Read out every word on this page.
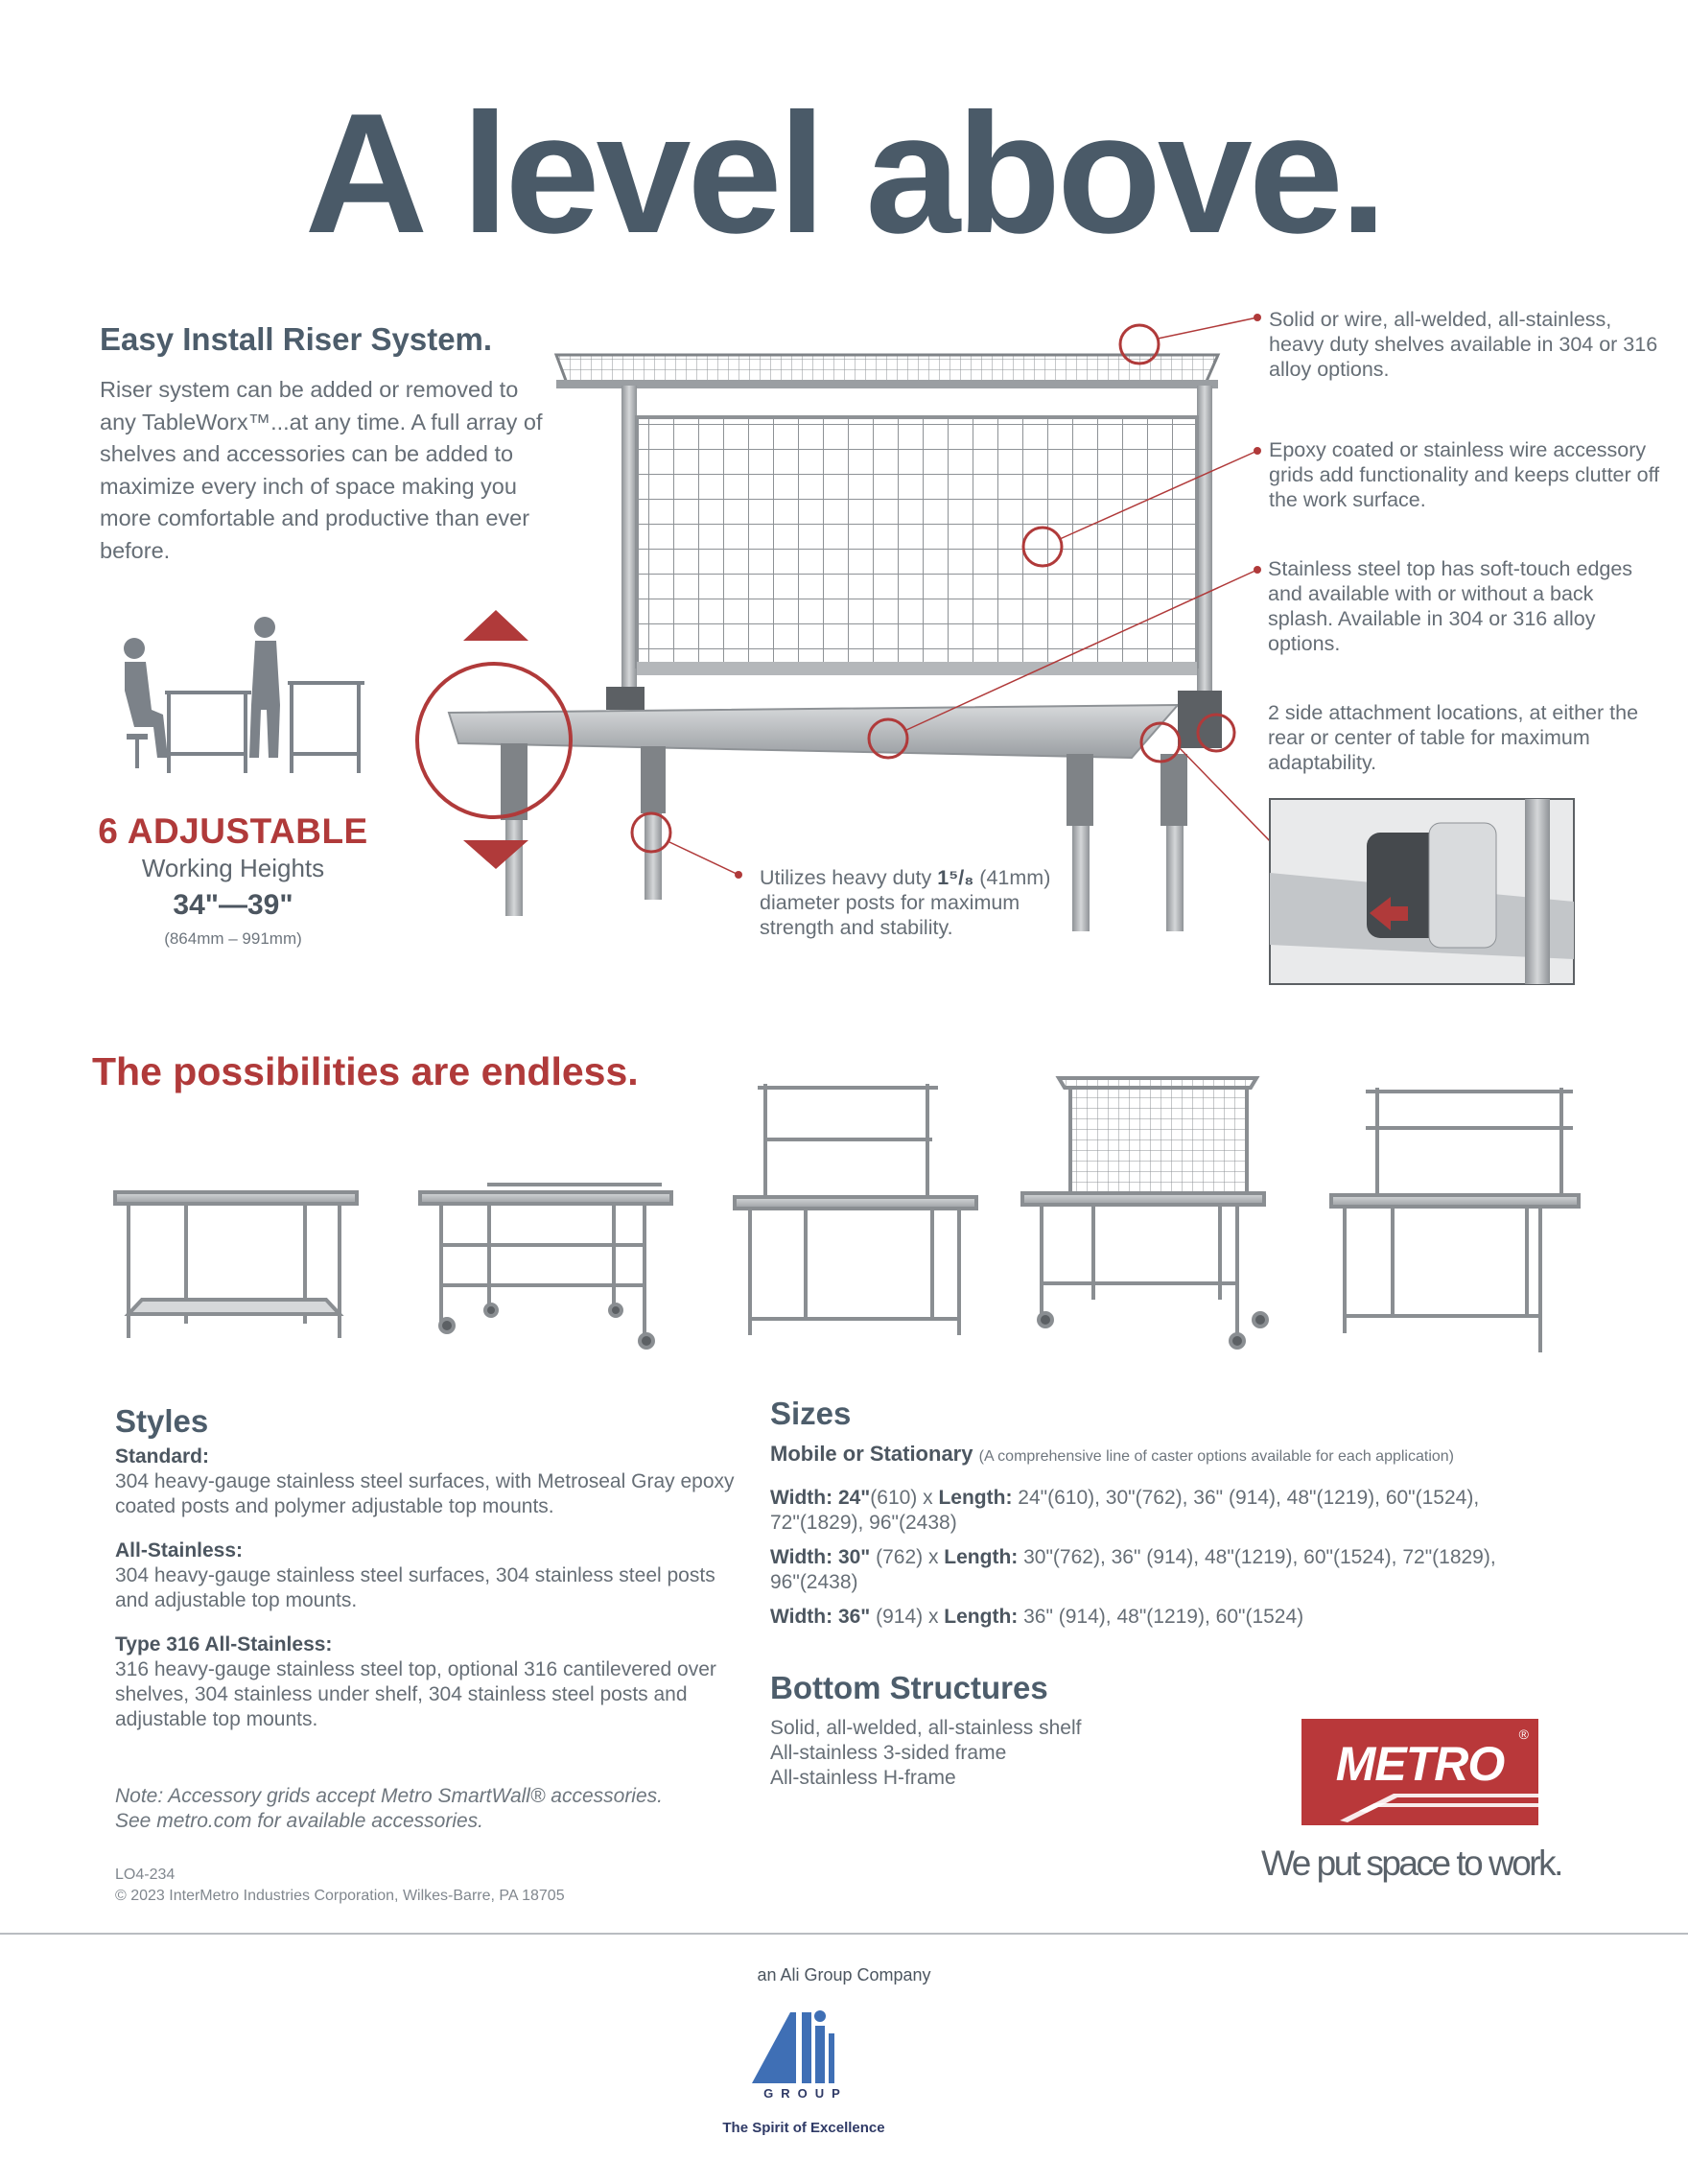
A level above.
Easy Install Riser System.
Riser system can be added or removed to any TableWorx™...at any time. A full array of shelves and accessories can be added to maximize every inch of space making you more comfortable and productive than ever before.
6 ADJUSTABLE
Working Heights
34"—39"
(864mm – 991mm)
Solid or wire, all-welded, all-stainless, heavy duty shelves available in 304 or 316 alloy options.
Epoxy coated or stainless wire accessory grids add functionality and keeps clutter off the work surface.
Stainless steel top has soft-touch edges and available with or without a back splash. Available in 304 or 316 alloy options.
2 side attachment locations, at either the rear or center of table for maximum adaptability.
Utilizes heavy duty 1⁵/₈ (41mm) diameter posts for maximum strength and stability.
The possibilities are endless.
Styles

Standard:
304 heavy-gauge stainless steel surfaces, with Metroseal Gray epoxy coated posts and polymer adjustable top mounts.

All-Stainless:
304 heavy-gauge stainless steel surfaces, 304 stainless steel posts and adjustable top mounts.

Type 316 All-Stainless:
316 heavy-gauge stainless steel top, optional 316 cantilevered over shelves, 304 stainless under shelf, 304 stainless steel posts and adjustable top mounts.

Note: Accessory grids accept Metro SmartWall® accessories.
See metro.com for available accessories.
LO4-234
© 2023 InterMetro Industries Corporation, Wilkes-Barre, PA 18705
Sizes
Mobile or Stationary (A comprehensive line of caster options available for each application)

Width: 24"(610) x Length: 24"(610), 30"(762), 36" (914), 48"(1219), 60"(1524), 72"(1829), 96"(2438)

Width: 30" (762) x Length: 30"(762), 36" (914), 48"(1219), 60"(1524), 72"(1829), 96"(2438)

Width: 36" (914) x Length: 36" (914), 48"(1219), 60"(1524)

Bottom Structures
Solid, all-welded, all-stainless shelf
All-stainless 3-sided frame
All-stainless H-frame	METRO
®
We put space to work.
an Ali Group Company
GROUP
The Spirit of Excellence
